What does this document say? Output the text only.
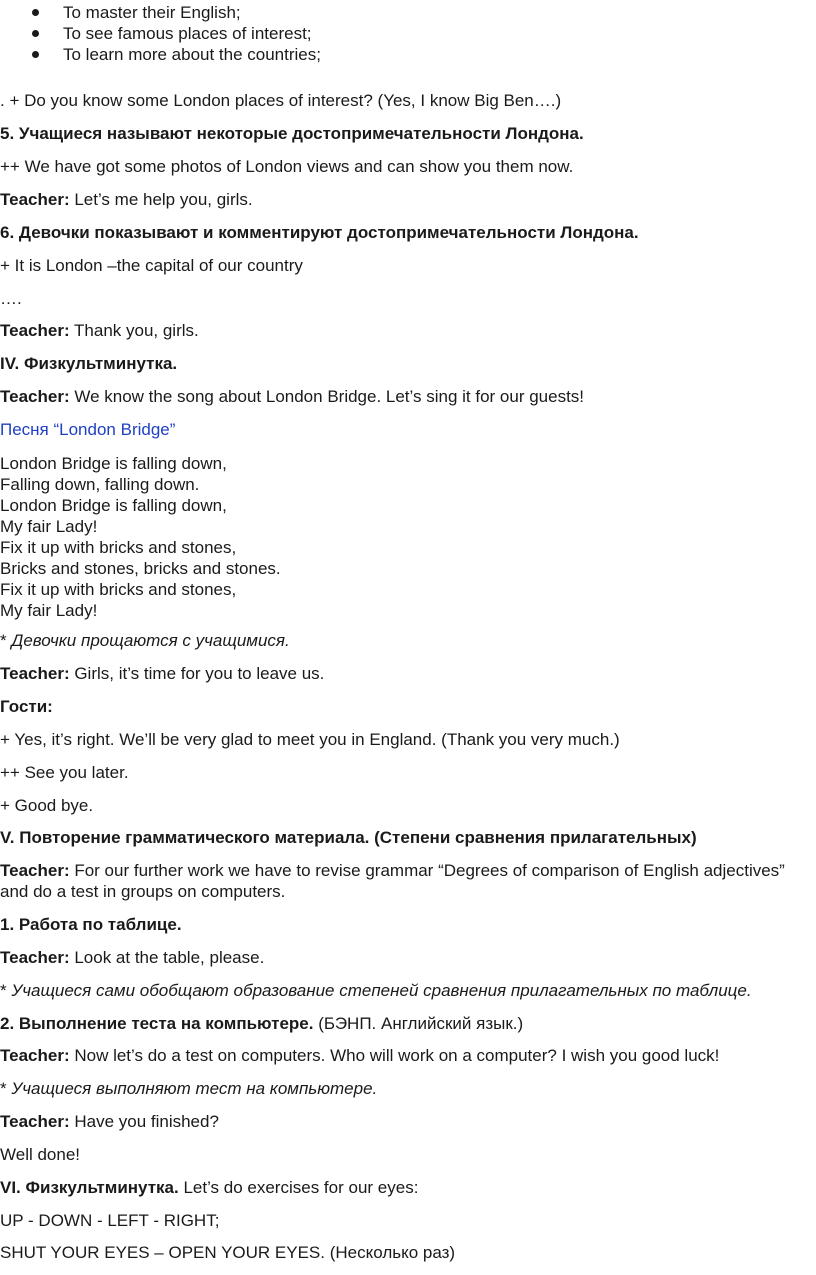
To master their English;
To see famous places of interest;
To learn more about the countries;
. + Do you know some London places of interest? (Yes, I know Big Ben….)
5. Учащиеся называют некоторые достопримечательности Лондона.
++ We have got some photos of London views and can show you them now.
Teacher: Let’s me help you, girls.
6. Девочки показывают и комментируют достопримечательности Лондона.
+ It is London –the capital of our country
….
Teacher: Thank you, girls.
IV. Физкультминутка.
Teacher: We know the song about London Bridge. Let’s sing it for our guests!
Песня “London Bridge”
London Bridge is falling down,
Falling down, falling down.
London Bridge is falling down,
My fair Lady!
Fix it up with bricks and stones,
Bricks and stones, bricks and stones.
Fix it up with bricks and stones,
My fair Lady!
* Девочки прощаются с учащимися.
Teacher: Girls, it’s time for you to leave us.
Гости:
+ Yes, it’s right. We’ll be very glad to meet you in England. (Thank you very much.)
++ See you later.
+ Good bye.
V. Повторение грамматического материала. (Степени сравнения прилагательных)
Teacher: For our further work we have to revise grammar “Degrees of comparison of English adjectives” and do a test in groups on computers.
1. Работа по таблице.
Teacher: Look at the table, please.
* Учащиеся сами обобщают образование степеней сравнения прилагательных по таблице.
2. Выполнение теста на компьютере. (БЭНП. Английский язык.)
Teacher: Now let’s do a test on computers. Who will work on a computer? I wish you good luck!
* Учащиеся выполняют тест на компьютере.
Teacher: Have you finished?
Well done!
VI. Физкультминутка. Let’s do exercises for our eyes:
UP - DOWN - LEFT - RIGHT;
SHUT YOUR EYES – OPEN YOUR EYES. (Несколько раз)
